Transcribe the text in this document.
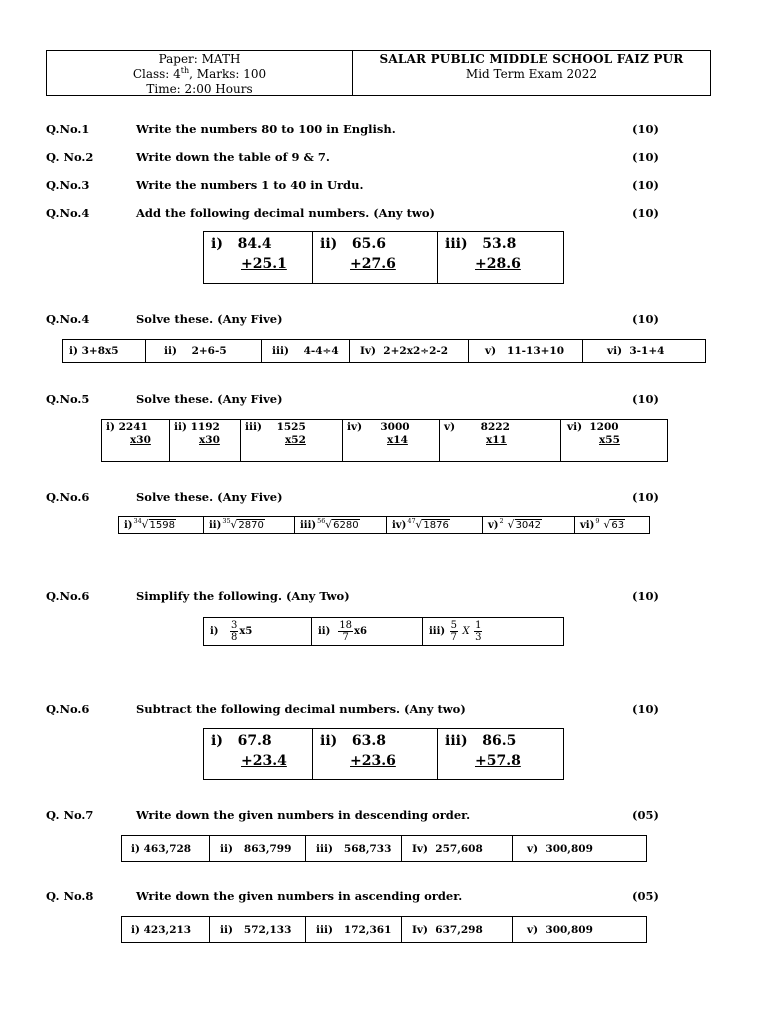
Paper: MATH
Class: 4th, Marks: 100
Time: 2:00 Hours
SALAR PUBLIC MIDDLE SCHOOL FAIZ PUR
Mid Term Exam 2022
Q.No.1	Write the numbers 80 to 100 in English.	(10)
Q. No.2	Write down the table of 9 & 7.	(10)
Q.No.3	Write the numbers 1 to 40 in Urdu.	(10)
Q.No.4	Add the following decimal numbers. (Any two)	(10)
i) 84.4
+25.1

ii) 65.6
+27.6

iii) 53.8
+28.6
Q.No.4	Solve these. (Any Five)	(10)
i) 3+8x5	ii) 2+6-5	iii) 4-4÷4	Iv) 2+2x2÷2-2	v) 11-13+10	vi) 3-1+4
Q.No.5	Solve these. (Any Five)	(10)
i) 2241
x30

ii) 1192
x30

iii) 1525
x52

iv) 3000
x14

v) 8222
x11

vi) 1200
x55
Q.No.6	Solve these. (Any Five)	(10)
i) 34 √1598	ii) 35 √2870	iii) 56 √6280	iv) 47 √1876	v) 2 √3042	vi) 9 √63
Q.No.6	Simplify the following. (Any Two)	(10)
$i) \frac{3}{8} x5$	$ii) \frac{18}{7} x6$	$iii) \frac{5}{7}$ X $\frac{1}{3}$
Q.No.6	Subtract the following decimal numbers. (Any two)	(10)
i) 67.8
+23.4

ii) 63.8
+23.6

iii) 86.5
+57.8
Q. No.7	Write down the given numbers in descending order.	(05)
i) 463,728	ii) 863,799	iii) 568,733	Iv) 257,608	v) 300,809
Q. No.8	Write down the given numbers in ascending order.	(05)
i) 423,213	ii) 572,133	iii) 172,361	Iv) 637,298	v) 300,809
